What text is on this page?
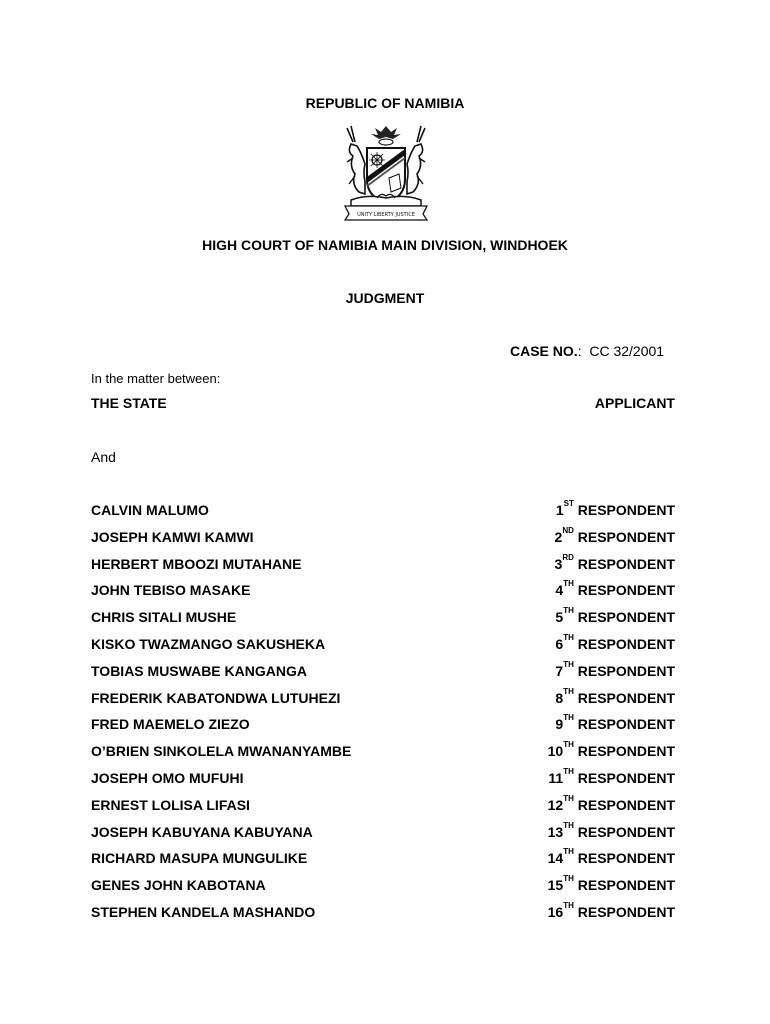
REPUBLIC OF NAMIBIA
UNITY LIBERTY JUSTICE
HIGH COURT OF NAMIBIA MAIN DIVISION, WINDHOEK
JUDGMENT
CASE NO.: CC 32/2001
In the matter between:
THE STATE	APPLICANT
And
CALVIN MALUMO	1ST RESPONDENT
JOSEPH KAMWI KAMWI	2ND RESPONDENT
HERBERT MBOOZI MUTAHANE	3RD RESPONDENT
JOHN TEBISO MASAKE	4TH RESPONDENT
CHRIS SITALI MUSHE	5TH RESPONDENT
KISKO TWAZMANGO SAKUSHEKA	6TH RESPONDENT
TOBIAS MUSWABE KANGANGA	7TH RESPONDENT
FREDERIK KABATONDWA LUTUHEZI	8TH RESPONDENT
FRED MAEMELO ZIEZO	9TH RESPONDENT
O’BRIEN SINKOLELA MWANANYAMBE	10TH RESPONDENT
JOSEPH OMO MUFUHI	11TH RESPONDENT
ERNEST LOLISA LIFASI	12TH RESPONDENT
JOSEPH KABUYANA KABUYANA	13TH RESPONDENT
RICHARD MASUPA MUNGULIKE	14TH RESPONDENT
GENES JOHN KABOTANA	15TH RESPONDENT
STEPHEN KANDELA MASHANDO	16TH RESPONDENT
